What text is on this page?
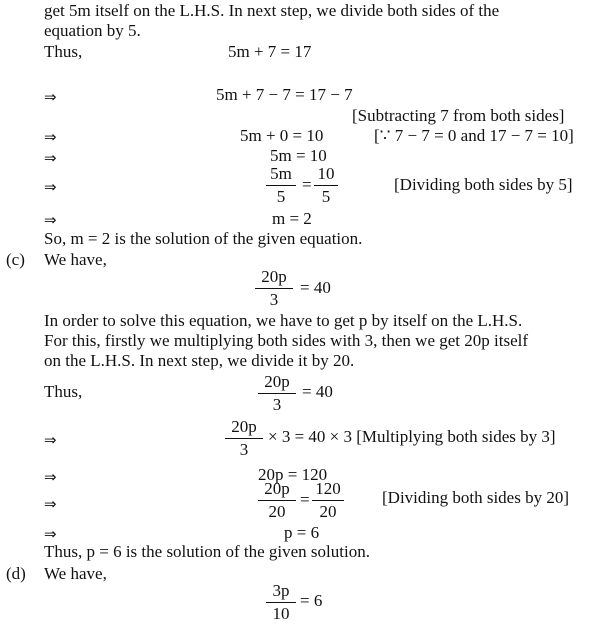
get 5m itself on the L.H.S. In next step, we divide both sides of the
equation by 5.
Thus,	5m + 7 = 17
⇒	5m + 7 − 7 = 17 − 7
[Subtracting 7 from both sides]
⇒	5m + 0 = 10	[∵ 7 − 7 = 0 and 17 − 7 = 10]
⇒	5m = 10
⇒
5m
5
=
10
5
[Dividing both sides by 5]
⇒	m = 2
So, m = 2 is the solution of the given equation.
(c) We have,
20p
3
= 40
In order to solve this equation, we have to get p by itself on the L.H.S.
For this, firstly we multiplying both sides with 3, then we get 20p itself
on the L.H.S. In next step, we divide it by 20.
Thus,
20p
3
= 40
⇒
20p
3
× 3 = 40 × 3 [Multiplying both sides by 3]
⇒	20p = 120
⇒
20p
20
=
120
20
[Dividing both sides by 20]
⇒	p = 6
Thus, p = 6 is the solution of the given solution.
(d) We have,
3p
10
= 6
